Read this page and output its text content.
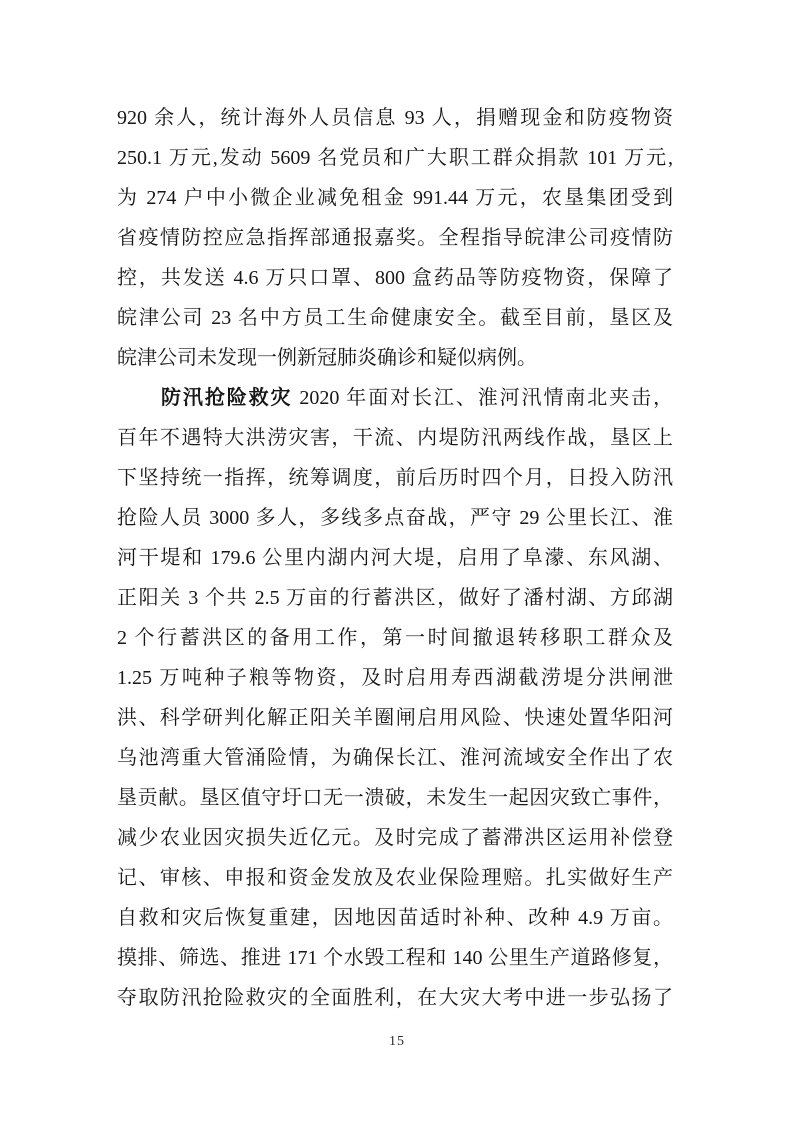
920 余人，统计海外人员信息 93 人，捐赠现金和防疫物资
250.1 万元,发动 5609 名党员和广大职工群众捐款 101 万元,
为 274 户中小微企业减免租金 991.44 万元，农垦集团受到
省疫情防控应急指挥部通报嘉奖。全程指导皖津公司疫情防
控，共发送 4.6 万只口罩、800 盒药品等防疫物资，保障了
皖津公司 23 名中方员工生命健康安全。截至目前，垦区及
皖津公司未发现一例新冠肺炎确诊和疑似病例。
防汛抢险救灾 2020 年面对长江、淮河汛情南北夹击，
百年不遇特大洪涝灾害，干流、内堤防汛两线作战，垦区上
下坚持统一指挥，统筹调度，前后历时四个月，日投入防汛
抢险人员 3000 多人，多线多点奋战，严守 29 公里长江、淮
河干堤和 179.6 公里内湖内河大堤，启用了阜濛、东风湖、
正阳关 3 个共 2.5 万亩的行蓄洪区，做好了潘村湖、方邱湖
2 个行蓄洪区的备用工作，第一时间撤退转移职工群众及
1.25 万吨种子粮等物资，及时启用寿西湖截涝堤分洪闸泄
洪、科学研判化解正阳关羊圈闸启用风险、快速处置华阳河
乌池湾重大管涌险情，为确保长江、淮河流域安全作出了农
垦贡献。垦区值守圩口无一溃破，未发生一起因灾致亡事件，
减少农业因灾损失近亿元。及时完成了蓄滞洪区运用补偿登
记、审核、申报和资金发放及农业保险理赔。扎实做好生产
自救和灾后恢复重建，因地因苗适时补种、改种 4.9 万亩。
摸排、筛选、推进 171 个水毁工程和 140 公里生产道路修复，
夺取防汛抢险救灾的全面胜利，在大灾大考中进一步弘扬了
15
